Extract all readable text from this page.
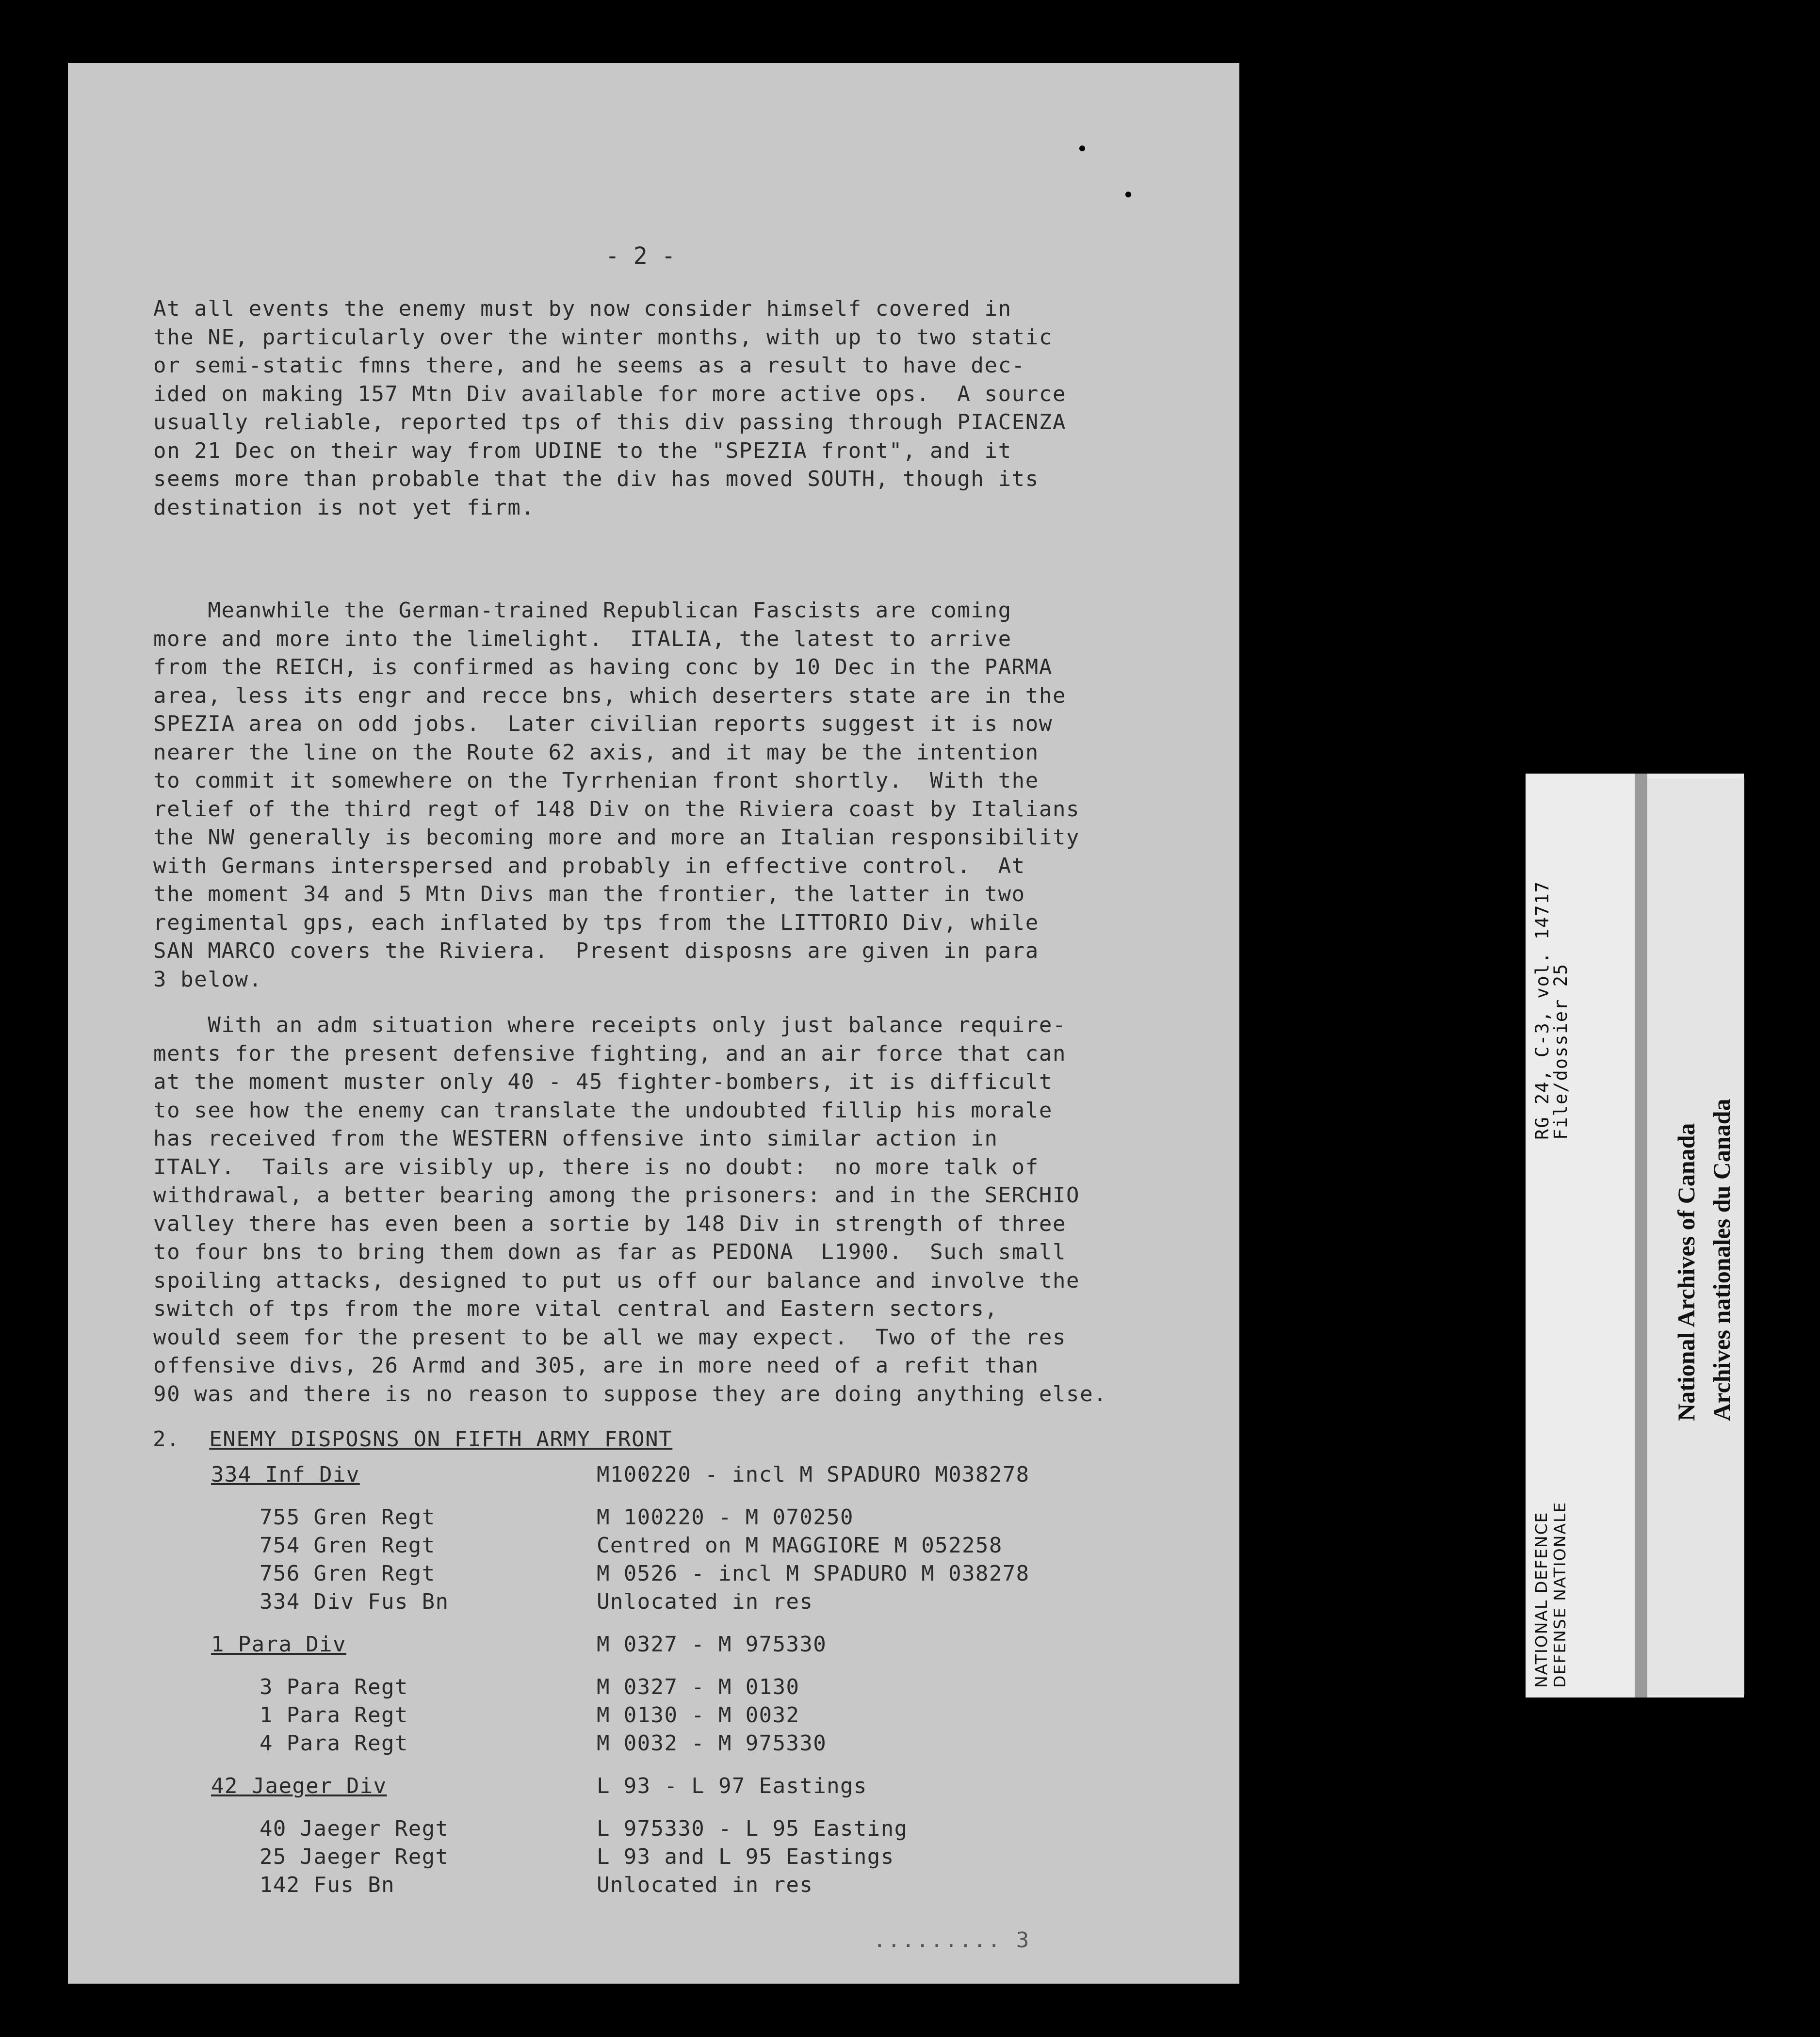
- 2 -
At all events the enemy must by now consider himself covered in
the NE, particularly over the winter months, with up to two static
or semi-static fmns there, and he seems as a result to have dec-
ided on making 157 Mtn Div available for more active ops.  A source
usually reliable, reported tps of this div passing through PIACENZA
on 21 Dec on their way from UDINE to the "SPEZIA front", and it
seems more than probable that the div has moved SOUTH, though its
destination is not yet firm.
Meanwhile the German-trained Republican Fascists are coming
more and more into the limelight.  ITALIA, the latest to arrive
from the REICH, is confirmed as having conc by 10 Dec in the PARMA
area, less its engr and recce bns, which deserters state are in the
SPEZIA area on odd jobs.  Later civilian reports suggest it is now
nearer the line on the Route 62 axis, and it may be the intention
to commit it somewhere on the Tyrrhenian front shortly.  With the
relief of the third regt of 148 Div on the Riviera coast by Italians
the NW generally is becoming more and more an Italian responsibility
with Germans interspersed and probably in effective control.  At
the moment 34 and 5 Mtn Divs man the frontier, the latter in two
regimental gps, each inflated by tps from the LITTORIO Div, while
SAN MARCO covers the Riviera.  Present disposns are given in para
3 below.
With an adm situation where receipts only just balance require-
ments for the present defensive fighting, and an air force that can
at the moment muster only 40 - 45 fighter-bombers, it is difficult
to see how the enemy can translate the undoubted fillip his morale
has received from the WESTERN offensive into similar action in
ITALY.  Tails are visibly up, there is no doubt:  no more talk of
withdrawal, a better bearing among the prisoners: and in the SERCHIO
valley there has even been a sortie by 148 Div in strength of three
to four bns to bring them down as far as PEDONA  L1900.  Such small
spoiling attacks, designed to put us off our balance and involve the
switch of tps from the more vital central and Eastern sectors,
would seem for the present to be all we may expect.  Two of the res
offensive divs, 26 Armd and 305, are in more need of a refit than
90 was and there is no reason to suppose they are doing anything else.
2. ENEMY DISPOSNS ON FIFTH ARMY FRONT
334 Inf Div	M100220 - incl M SPADURO M038278
755 Gren Regt	M 100220 - M 070250
754 Gren Regt	Centred on M MAGGIORE M 052258
756 Gren Regt	M 0526 - incl M SPADURO M 038278
334 Div Fus Bn	Unlocated in res
1 Para Div	M 0327 - M 975330
3 Para Regt	M 0327 - M 0130
1 Para Regt	M 0130 - M 0032
4 Para Regt	M 0032 - M 975330
42 Jaeger Div	L 93 - L 97 Eastings
40 Jaeger Regt	L 975330 - L 95 Easting
25 Jaeger Regt	L 93 and L 95 Eastings
142 Fus Bn	Unlocated in res
......... 3
NATIONAL DEFENCE DEFENSE NATIONALE
RG 24, C-3, vol. 14717
File/dossier 25
National Archives of Canada Archives nationales du Canada
